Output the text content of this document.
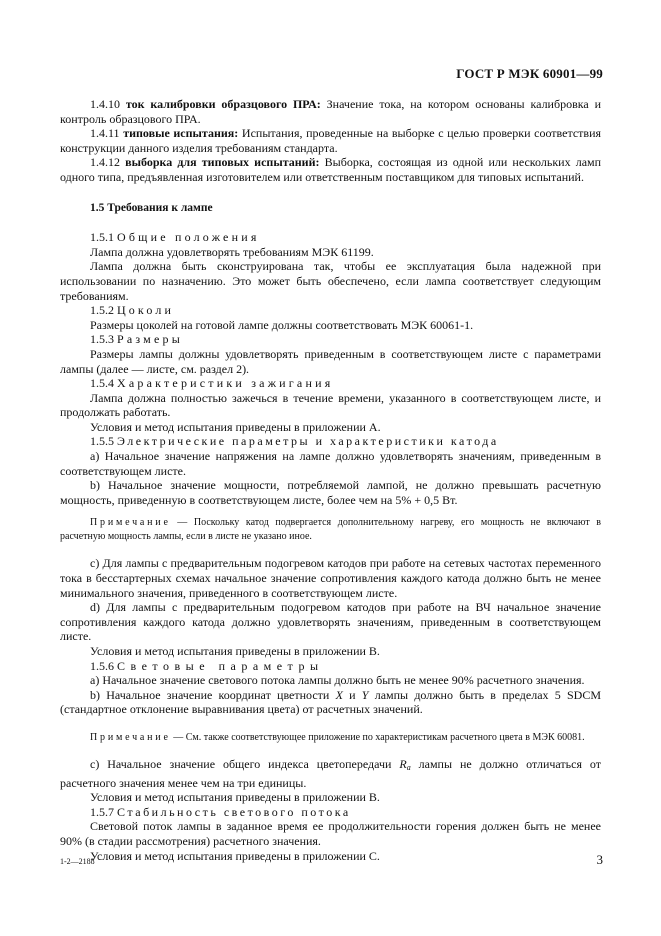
ГОСТ Р МЭК 60901—99

1.4.10 ток калибровки образцового ПРА: Значение тока, на котором основаны калибровка и контроль образцового ПРА.

1.4.11 типовые испытания: Испытания, проведенные на выборке с целью проверки соответствия конструкции данного изделия требованиям стандарта.

1.4.12 выборка для типовых испытаний: Выборка, состоящая из одной или нескольких ламп одного типа, предъявленная изготовителем или ответственным поставщиком для типовых испытаний.

1.5 Требования к лампе

1.5.1 Общие положения

Лампа должна удовлетворять требованиям МЭК 61199.

Лампа должна быть сконструирована так, чтобы ее эксплуатация была надежной при использовании по назначению. Это может быть обеспечено, если лампа соответствует следующим требованиям.

1.5.2 Цоколи

Размеры цоколей на готовой лампе должны соответствовать МЭК 60061-1.

1.5.3 Размеры

Размеры лампы должны удовлетворять приведенным в соответствующем листе с параметрами лампы (далее — листе, см. раздел 2).

1.5.4 Характеристики зажигания

Лампа должна полностью зажечься в течение времени, указанного в соответствующем листе, и продолжать работать.

Условия и метод испытания приведены в приложении А.

1.5.5 Электрические параметры и характеристики катода

а) Начальное значение напряжения на лампе должно удовлетворять значениям, приведенным в соответствующем листе.

b) Начальное значение мощности, потребляемой лампой, не должно превышать расчетную мощность, приведенную в соответствующем листе, более чем на 5% + 0,5 Вт.

Примечание — Поскольку катод подвергается дополнительному нагреву, его мощность не включают в расчетную мощность лампы, если в листе не указано иное.

с) Для лампы с предварительным подогревом катодов при работе на сетевых частотах переменного тока в бесстартерных схемах начальное значение сопротивления каждого катода должно быть не менее минимального значения, приведенного в соответствующем листе.

d) Для лампы с предварительным подогревом катодов при работе на ВЧ начальное значение сопротивления каждого катода должно удовлетворять значениям, приведенным в соответствующем листе.

Условия и метод испытания приведены в приложении В.

1.5.6 Световые параметры

а) Начальное значение светового потока лампы должно быть не менее 90% расчетного значения.

b) Начальное значение координат цветности X и Y лампы должно быть в пределах 5 SDCM (стандартное отклонение выравнивания цвета) от расчетных значений.

Примечание — См. также соответствующее приложение по характеристикам расчетного цвета в МЭК 60081.

с) Начальное значение общего индекса цветопередачи $R_a$ лампы не должно отличаться от расчетного значения менее чем на три единицы.

Условия и метод испытания приведены в приложении В.

1.5.7 Стабильность светового потока

Световой поток лампы в заданное время ее продолжительности горения должен быть не менее 90% (в стадии рассмотрения) расчетного значения.

Условия и метод испытания приведены в приложении С.

1-2—2188	3
